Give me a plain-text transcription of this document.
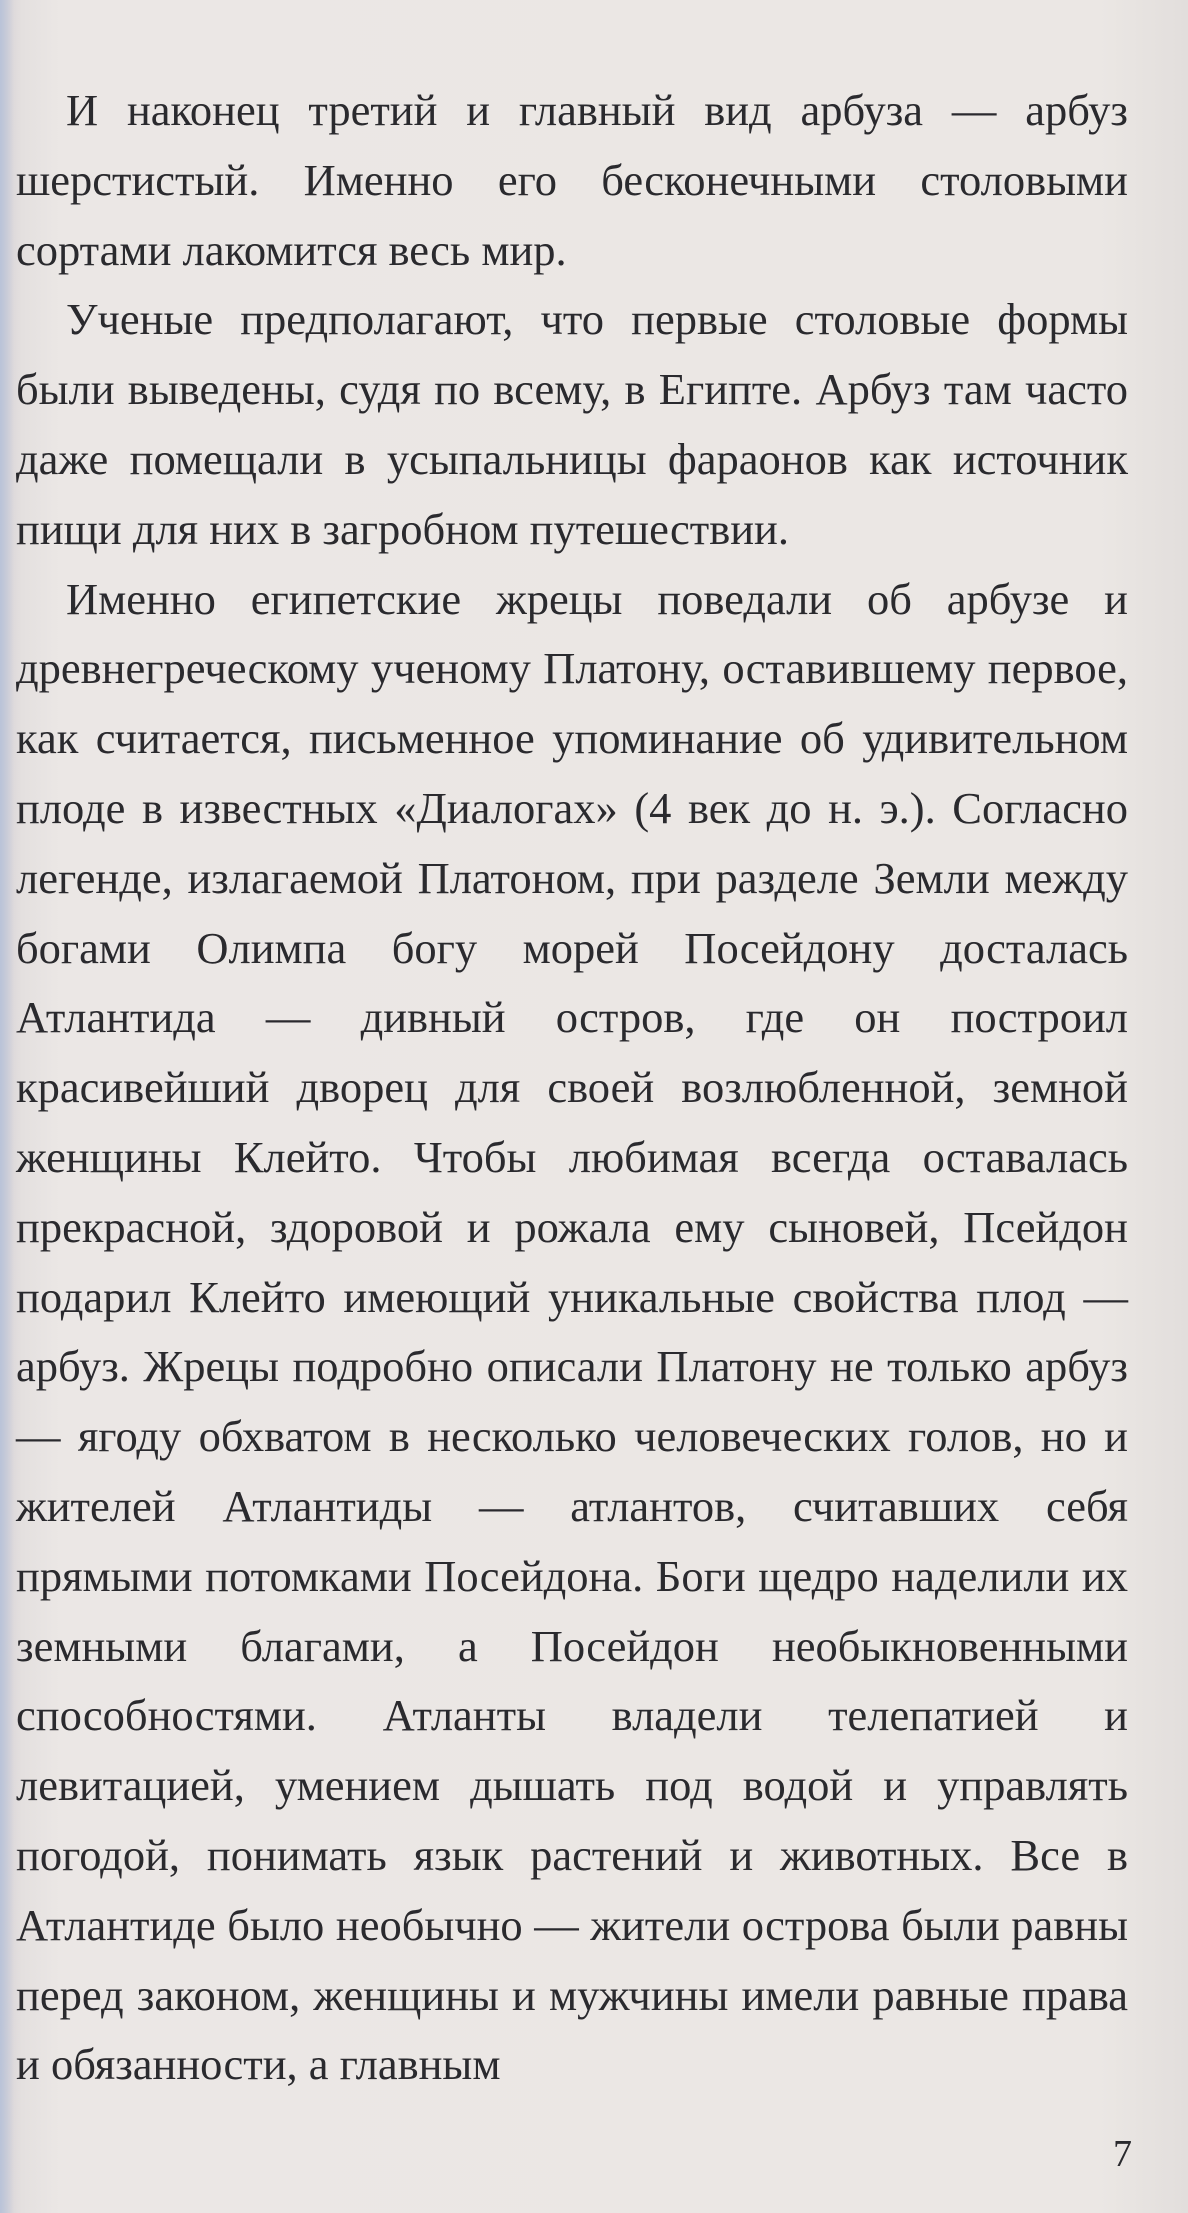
И наконец третий и главный вид арбуза — арбуз шерстистый. Именно его бесконечными столовыми сортами лакомится весь мир.

Ученые предполагают, что первые столовые формы были выведены, судя по всему, в Египте. Арбуз там часто даже помещали в усыпальницы фараонов как источник пищи для них в загробном путешествии.

Именно египетские жрецы поведали об арбузе и древнегреческому ученому Платону, оставившему первое, как считается, письменное упоминание об удивительном плоде в известных «Диалогах» (4 век до н. э.). Согласно легенде, излагаемой Платоном, при разделе Земли между богами Олимпа богу морей Посейдону досталась Атлантида — дивный остров, где он построил красивейший дворец для своей возлюбленной, земной женщины Клейто. Чтобы любимая всегда оставалась прекрасной, здоровой и рожала ему сыновей, Псейдон подарил Клейто имеющий уникальные свойства плод — арбуз. Жрецы подробно описали Платону не только арбуз — ягоду обхватом в несколько человеческих голов, но и жителей Атлантиды — атлантов, считавших себя прямыми потомками Посейдона. Боги щедро наделили их земными благами, а Посейдон необыкновенными способностями. Атланты владели телепатией и левитацией, умением дышать под водой и управлять погодой, понимать язык растений и животных. Все в Атлантиде было необычно — жители острова были равны перед законом, женщины и мужчины имели равные права и обязанности, а главным

7
